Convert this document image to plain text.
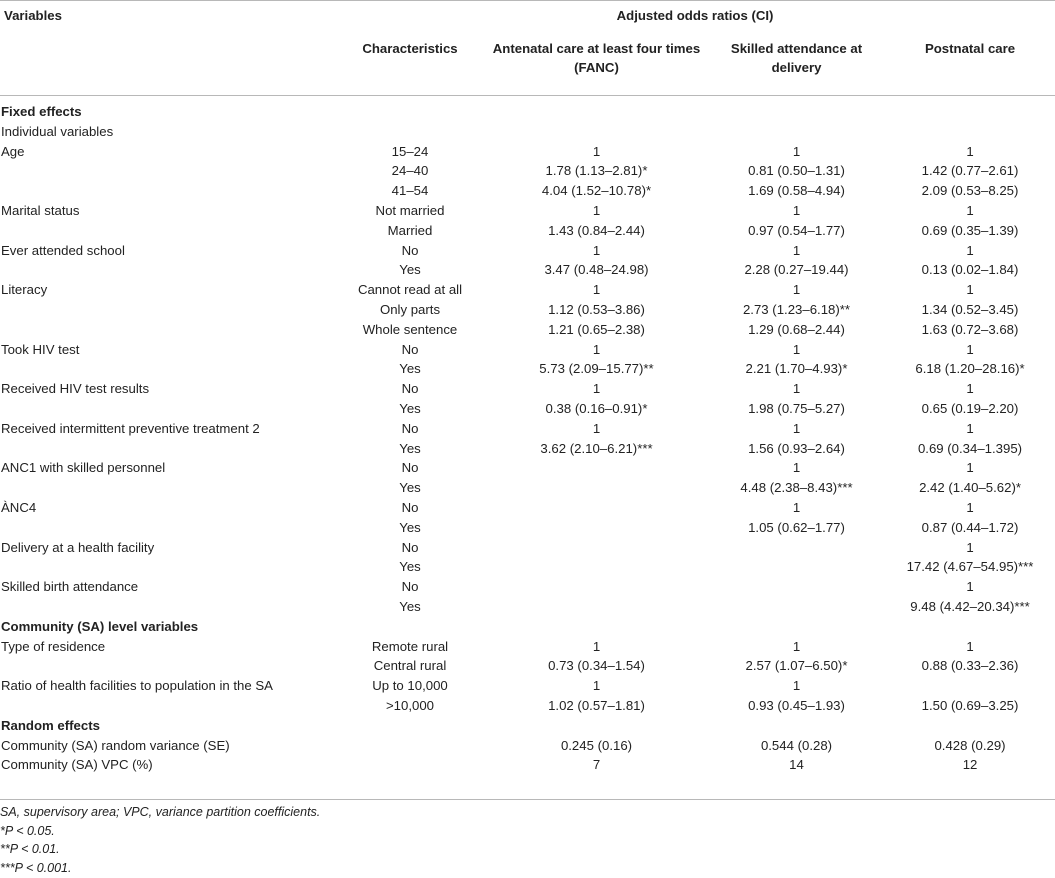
Variables	Adjusted odds ratios (CI)			
	Characteristics	Antenatal care at least four times (FANC)	Skilled attendance at delivery	Postnatal care
Fixed effects				
Individual variables				
Age	15–24	1	1	1
	24–40	1.78 (1.13–2.81)*	0.81 (0.50–1.31)	1.42 (0.77–2.61)
	41–54	4.04 (1.52–10.78)*	1.69 (0.58–4.94)	2.09 (0.53–8.25)
Marital status	Not married	1	1	1
	Married	1.43 (0.84–2.44)	0.97 (0.54–1.77)	0.69 (0.35–1.39)
Ever attended school	No	1	1	1
	Yes	3.47 (0.48–24.98)	2.28 (0.27–19.44)	0.13 (0.02–1.84)
Literacy	Cannot read at all	1	1	1
	Only parts	1.12 (0.53–3.86)	2.73 (1.23–6.18)**	1.34 (0.52–3.45)
	Whole sentence	1.21 (0.65–2.38)	1.29 (0.68–2.44)	1.63 (0.72–3.68)
Took HIV test	No	1	1	1
	Yes	5.73 (2.09–15.77)**	2.21 (1.70–4.93)*	6.18 (1.20–28.16)*
Received HIV test results	No	1	1	1
	Yes	0.38 (0.16–0.91)*	1.98 (0.75–5.27)	0.65 (0.19–2.20)
Received intermittent preventive treatment 2	No	1	1	1
	Yes	3.62 (2.10–6.21)***	1.56 (0.93–2.64)	0.69 (0.34–1.395)
ANC1 with skilled personnel	No		1	1
	Yes		4.48 (2.38–8.43)***	2.42 (1.40–5.62)*
ÀNC4	No		1	1
	Yes		1.05 (0.62–1.77)	0.87 (0.44–1.72)
Delivery at a health facility	No			1
	Yes			17.42 (4.67–54.95)***
Skilled birth attendance	No			1
	Yes			9.48 (4.42–20.34)***
Community (SA) level variables				
Type of residence	Remote rural	1	1	1
	Central rural	0.73 (0.34–1.54)	2.57 (1.07–6.50)*	0.88 (0.33–2.36)
Ratio of health facilities to population in the SA	Up to 10,000	1	1	
	>10,000	1.02 (0.57–1.81)	0.93 (0.45–1.93)	1.50 (0.69–3.25)
Random effects				
Community (SA) random variance (SE)		0.245 (0.16)	0.544 (0.28)	0.428 (0.29)
Community (SA) VPC (%)		7	14	12
SA, supervisory area; VPC, variance partition coefficients.
*P < 0.05.
**P < 0.01.
***P < 0.001.
